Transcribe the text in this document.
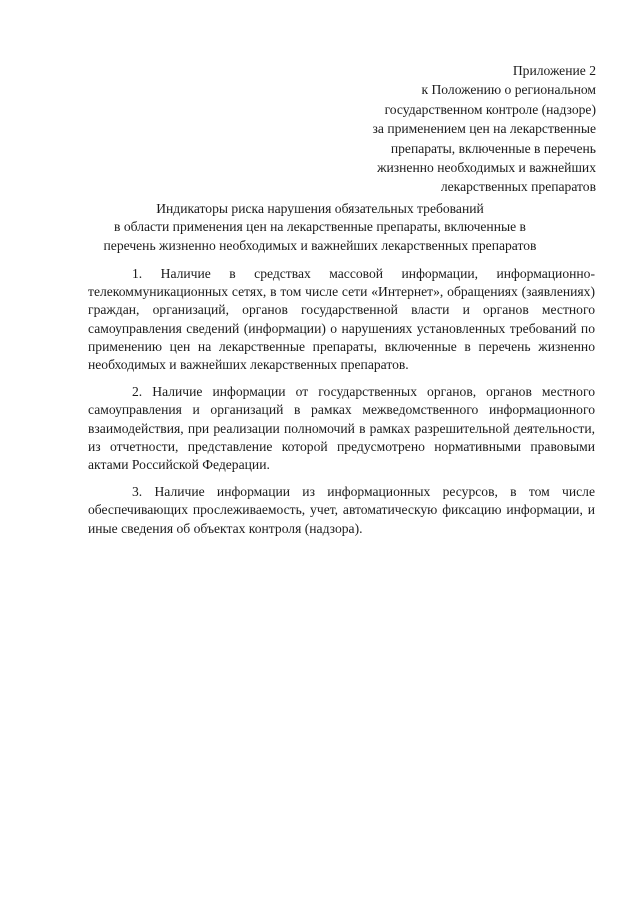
Приложение 2
к Положению о региональном
государственном контроле (надзоре)
за применением цен на лекарственные
препараты, включенные в перечень
жизненно необходимых и важнейших
лекарственных препаратов
Индикаторы риска нарушения обязательных требований
в области применения цен на лекарственные препараты, включенные в
перечень жизненно необходимых и важнейших лекарственных препаратов

1. Наличие в средствах массовой информации, информационно-телекоммуникационных сетях, в том числе сети «Интернет», обращениях (заявлениях) граждан, организаций, органов государственной власти и органов местного самоуправления сведений (информации) о нарушениях установленных требований по применению цен на лекарственные препараты, включенные в перечень жизненно необходимых и важнейших лекарственных препаратов.

2. Наличие информации от государственных органов, органов местного самоуправления и организаций в рамках межведомственного информационного взаимодействия, при реализации полномочий в рамках разрешительной деятельности, из отчетности, представление которой предусмотрено нормативными правовыми актами Российской Федерации.

3. Наличие информации из информационных ресурсов, в том числе обеспечивающих прослеживаемость, учет, автоматическую фиксацию информации, и иные сведения об объектах контроля (надзора).
